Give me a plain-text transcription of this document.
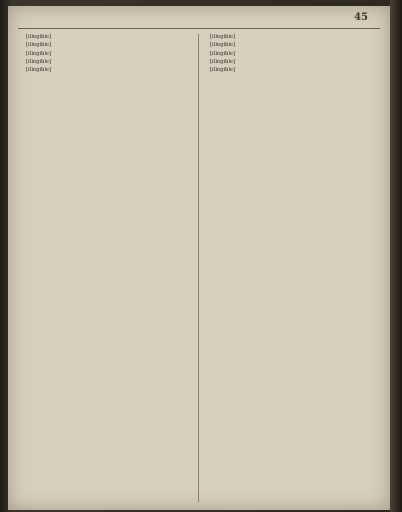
45

[illegible]

[illegible]

[illegible]

[illegible]

[illegible]

[illegible]

[illegible]

[illegible]

[illegible]

[illegible]
